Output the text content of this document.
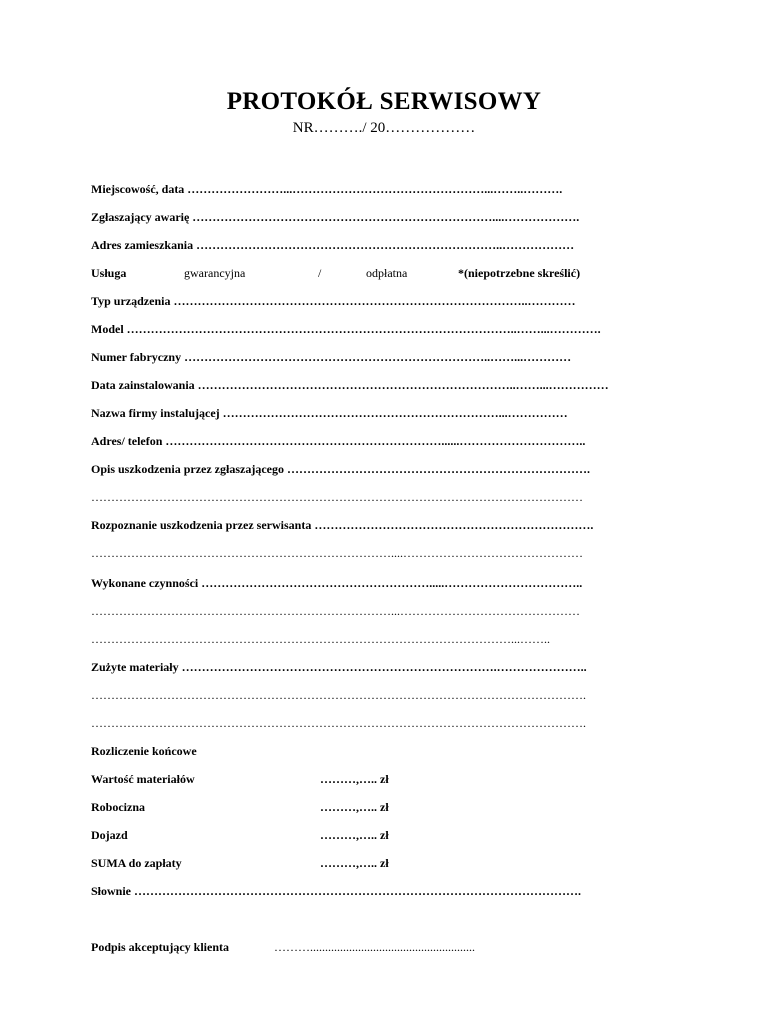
PROTOKÓŁ SERWISOWY
NR………./ 20………………
Miejscowość, data ……………………...…………………………………………...……..……….
Zgłaszający awarię …………………………………………………………………....……………….
Adres zamieszkania …………………………………………………………………..………………
Usługa	gwarancyjna	/	odpłatna	*(niepotrzebne skreślić)
Typ urządzenia ……………………………………………………………………………..…………
Model ……………………………………………………………………………………..……...………….
Numer fabryczny …………………………………………………………………..……...…………
Data zainstalowania ……………………………………………………………………..……...……………
Nazwa firmy instalującej ……………………………………………………………...……………
Adres/ telefon ……………………………………………………………......…………………………..
Opis uszkodzenia przez zgłaszającego ………………………………………………………………….
……………………………………………………………………………………………………………
Rozpoznanie uszkodzenia przez serwisanta …………………………………………………………….
…………………………………………………………………....………………………………………
Wykonane czynności ………………………………………………….....……………………………..
…………………………………………………………………...………………………………………
……………………………………………………………………………………………...……..
Zużyte materiały …………………………………………………………………….…………………..
…………………………………………………………………………………………………………….
…………………………………………………………………………………………………………….
Rozliczenie końcowe
Wartość materiałów	………,….. zł
Robocizna	………,….. zł
Dojazd	………,….. zł
SUMA do zapłaty	………,….. zł
Słownie ………………………………………………………………………………………………….
Podpis akceptujący klienta	……….......................................................
